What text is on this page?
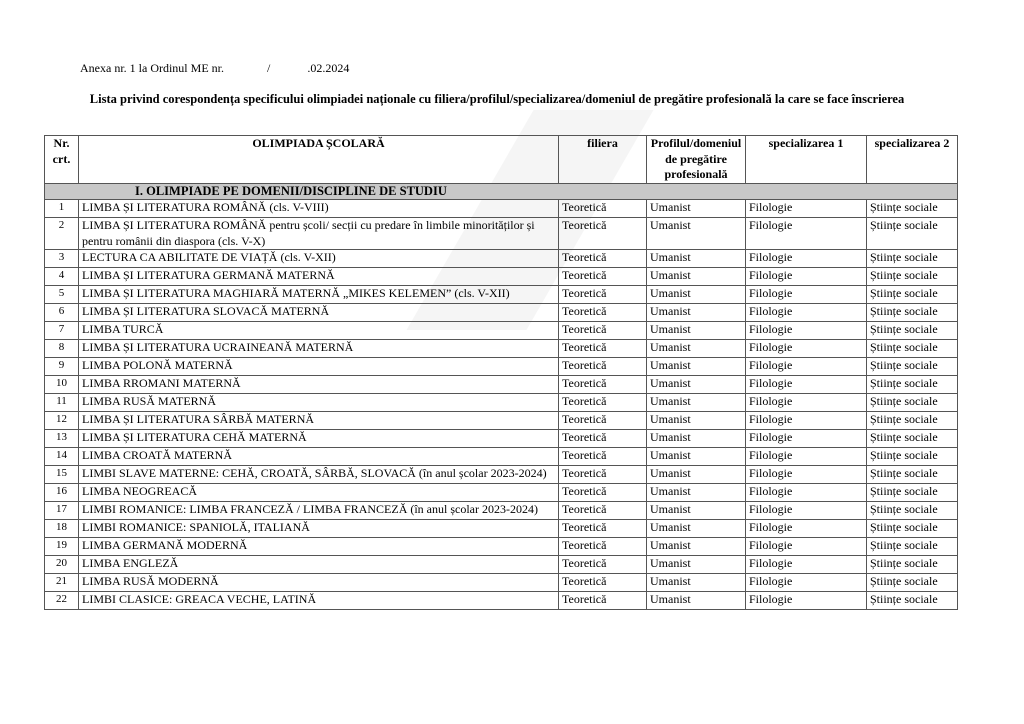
Anexa nr. 1 la Ordinul ME nr.	/	.02.2024
Lista privind corespondența specificului olimpiadei naționale cu filiera/profilul/specializarea/domeniul de pregătire profesională la care se face înscrierea
Nr. crt.	OLIMPIADA ȘCOLARĂ	filiera	Profilul/domeniul de pregătire profesională	specializarea 1	specializarea 2
I. OLIMPIADE PE DOMENII/DISCIPLINE DE STUDIU					
1	LIMBA ȘI LITERATURA ROMÂNĂ (cls. V-VIII)	Teoretică	Umanist	Filologie	Științe sociale
2	LIMBA ȘI LITERATURA ROMÂNĂ pentru școli/ secții cu predare în limbile minorităților și pentru românii din diaspora (cls. V-X)	Teoretică	Umanist	Filologie	Științe sociale
3	LECTURA CA ABILITATE DE VIAȚĂ (cls. V-XII)	Teoretică	Umanist	Filologie	Științe sociale
4	LIMBA ȘI LITERATURA GERMANĂ MATERNĂ	Teoretică	Umanist	Filologie	Științe sociale
5	LIMBA ȘI LITERATURA MAGHIARĂ MATERNĂ „MIKES KELEMEN” (cls. V-XII)	Teoretică	Umanist	Filologie	Științe sociale
6	LIMBA ȘI LITERATURA SLOVACĂ MATERNĂ	Teoretică	Umanist	Filologie	Științe sociale
7	LIMBA TURCĂ	Teoretică	Umanist	Filologie	Științe sociale
8	LIMBA ȘI LITERATURA UCRAINEANĂ MATERNĂ	Teoretică	Umanist	Filologie	Științe sociale
9	LIMBA POLONĂ MATERNĂ	Teoretică	Umanist	Filologie	Științe sociale
10	LIMBA RROMANI MATERNĂ	Teoretică	Umanist	Filologie	Științe sociale
11	LIMBA RUSĂ MATERNĂ	Teoretică	Umanist	Filologie	Științe sociale
12	LIMBA ȘI LITERATURA SÂRBĂ MATERNĂ	Teoretică	Umanist	Filologie	Științe sociale
13	LIMBA ȘI LITERATURA CEHĂ MATERNĂ	Teoretică	Umanist	Filologie	Științe sociale
14	LIMBA CROATĂ MATERNĂ	Teoretică	Umanist	Filologie	Științe sociale
15	LIMBI SLAVE MATERNE: CEHĂ, CROATĂ, SÂRBĂ, SLOVACĂ (în anul școlar 2023-2024)	Teoretică	Umanist	Filologie	Științe sociale
16	LIMBA NEOGREACĂ	Teoretică	Umanist	Filologie	Științe sociale
17	LIMBI ROMANICE: LIMBA FRANCEZĂ / LIMBA FRANCEZĂ (în anul școlar 2023-2024)	Teoretică	Umanist	Filologie	Științe sociale
18	LIMBI ROMANICE: SPANIOLĂ, ITALIANĂ	Teoretică	Umanist	Filologie	Științe sociale
19	LIMBA GERMANĂ MODERNĂ	Teoretică	Umanist	Filologie	Științe sociale
20	LIMBA ENGLEZĂ	Teoretică	Umanist	Filologie	Științe sociale
21	LIMBA RUSĂ MODERNĂ	Teoretică	Umanist	Filologie	Științe sociale
22	LIMBI CLASICE: GREACA VECHE, LATINĂ	Teoretică	Umanist	Filologie	Științe sociale
